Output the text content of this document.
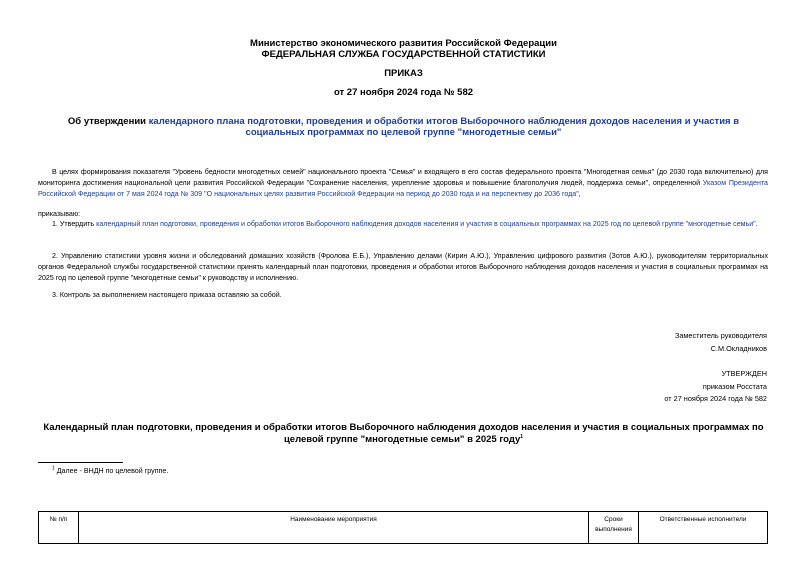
Министерство экономического развития Российской Федерации
ФЕДЕРАЛЬНАЯ СЛУЖБА ГОСУДАРСТВЕННОЙ СТАТИСТИКИ
ПРИКАЗ
от 27 ноября 2024 года № 582
Об утверждении календарного плана подготовки, проведения и обработки итогов Выборочного наблюдения доходов населения и участия в социальных программах по целевой группе "многодетные семьи"
В целях формирования показателя "Уровень бедности многодетных семей" национального проекта "Семья" и входящего в его состав федерального проекта "Многодетная семья" (до 2030 года включительно) для мониторинга достижения национальной цели развития Российской Федерации "Сохранение населения, укрепление здоровья и повышение благополучия людей, поддержка семьи", определенной Указом Президента Российской Федерации от 7 мая 2024 года № 309 "О национальных целях развития Российской Федерации на период до 2030 года и на перспективу до 2036 года",
приказываю:
1. Утвердить календарный план подготовки, проведения и обработки итогов Выборочного наблюдения доходов населения и участия в социальных программах на 2025 год по целевой группе "многодетные семьи".
2. Управлению статистики уровня жизни и обследований домашних хозяйств (Фролова Е.Б.), Управлению делами (Кирин А.Ю.), Управлению цифрового развития (Зотов А.Ю.), руководителям территориальных органов Федеральной службы государственной статистики принять календарный план подготовки, проведения и обработки итогов Выборочного наблюдения доходов населения и участия в социальных программах на 2025 год по целевой группе "многодетные семьи" к руководству и исполнению.
3. Контроль за выполнением настоящего приказа оставляю за собой.
Заместитель руководителя
С.М.Окладников
УТВЕРЖДЕН
приказом Росстата
от 27 ноября 2024 года № 582
Календарный план подготовки, проведения и обработки итогов Выборочного наблюдения доходов населения и участия в социальных программах по целевой группе "многодетные семьи" в 2025 году$^1$
$^1$ Далее - ВНДН по целевой группе.
№ п/п	Наименование мероприятия	Сроки выполнения	Ответственные исполнители
